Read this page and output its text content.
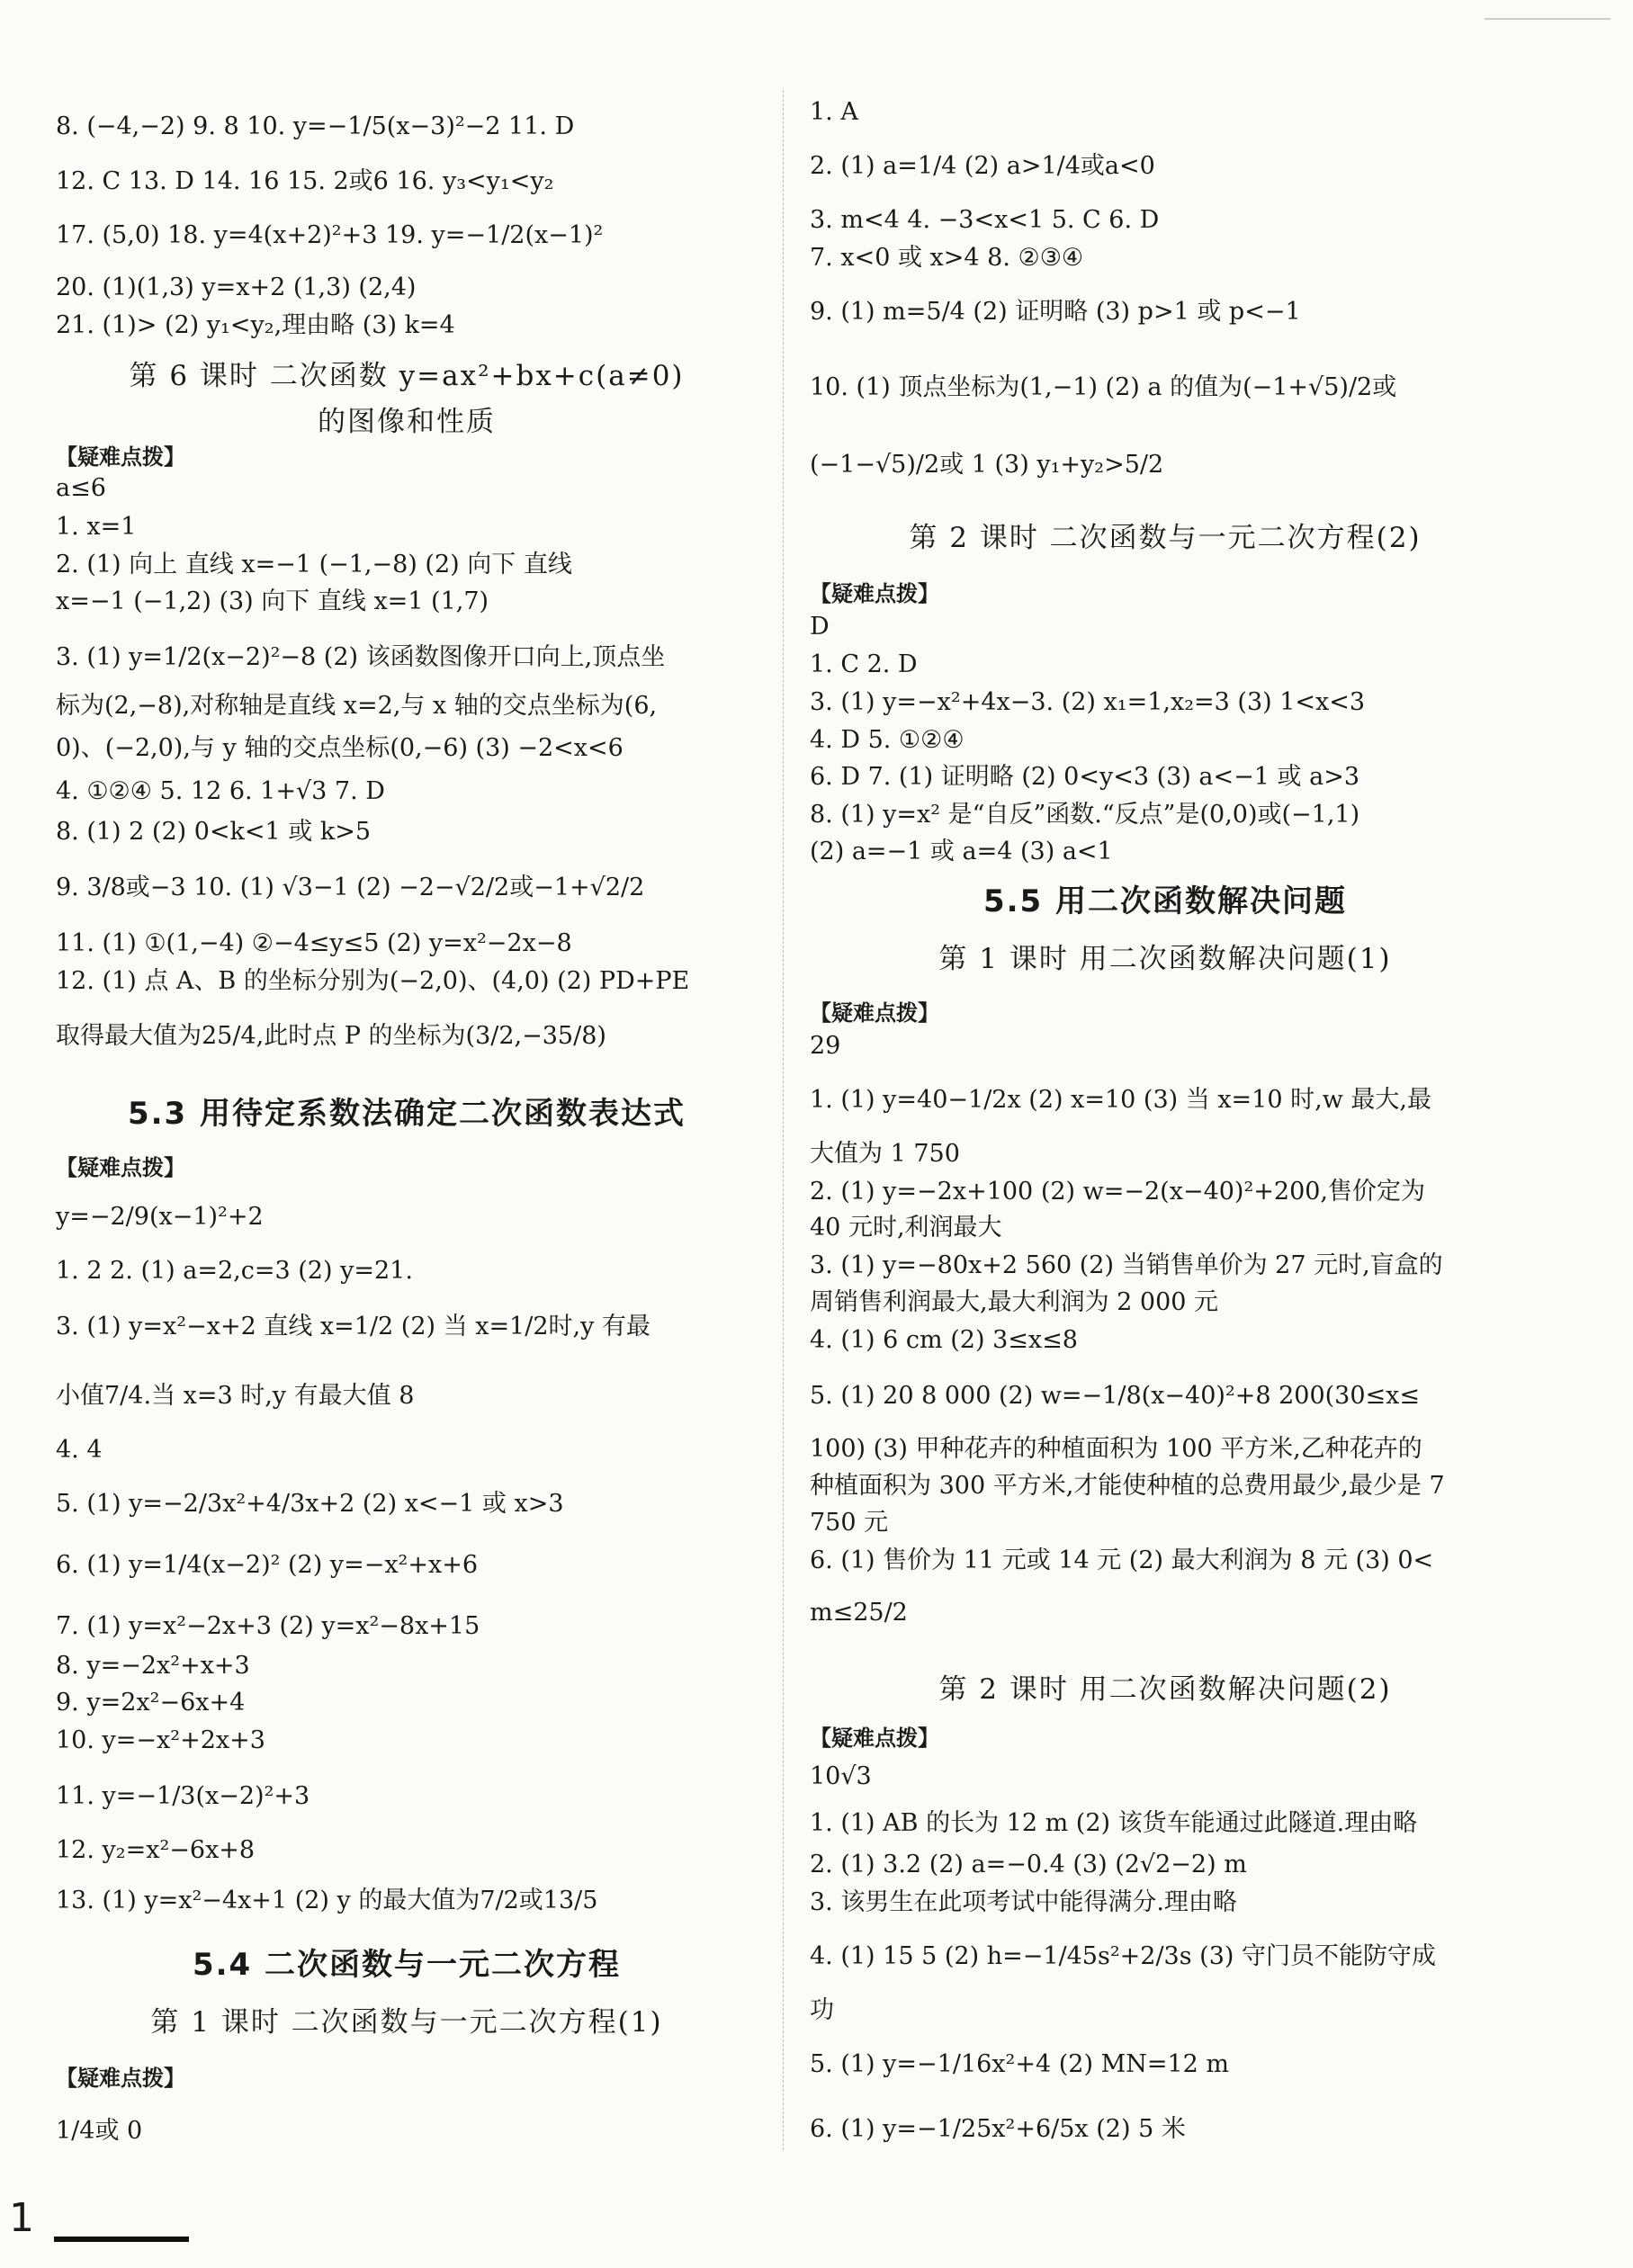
8. (−4,−2) 9. 8 10. y=−1/5(x−3)²−2 11. D
12. C 13. D 14. 16 15. 2或6 16. y₃<y₁<y₂
17. (5,0) 18. y=4(x+2)²+3 19. y=−1/2(x−1)²
20. (1)(1,3) y=x+2 (1,3) (2,4)
21. (1)> (2) y₁<y₂,理由略 (3) k=4
第 6 课时 二次函数 y=ax²+bx+c(a≠0)
的图像和性质
【疑难点拨】
a≤6
1. x=1
2. (1) 向上 直线 x=−1 (−1,−8) (2) 向下 直线
x=−1 (−1,2) (3) 向下 直线 x=1 (1,7)
3. (1) y=1/2(x−2)²−8 (2) 该函数图像开口向上,顶点坐
标为(2,−8),对称轴是直线 x=2,与 x 轴的交点坐标为(6,
0)、(−2,0),与 y 轴的交点坐标(0,−6) (3) −2<x<6
4. ①②④ 5. 12 6. 1+√3 7. D
8. (1) 2 (2) 0<k<1 或 k>5
9. 3/8或−3 10. (1) √3−1 (2) −2−√2/2或−1+√2/2
11. (1) ①(1,−4) ②−4≤y≤5 (2) y=x²−2x−8
12. (1) 点 A、B 的坐标分别为(−2,0)、(4,0) (2) PD+PE
取得最大值为25/4,此时点 P 的坐标为(3/2,−35/8)
5.3 用待定系数法确定二次函数表达式
【疑难点拨】
y=−2/9(x−1)²+2
1. 2 2. (1) a=2,c=3 (2) y=21.
3. (1) y=x²−x+2 直线 x=1/2 (2) 当 x=1/2时,y 有最
小值7/4.当 x=3 时,y 有最大值 8
4. 4
5. (1) y=−2/3x²+4/3x+2 (2) x<−1 或 x>3
6. (1) y=1/4(x−2)² (2) y=−x²+x+6
7. (1) y=x²−2x+3 (2) y=x²−8x+15
8. y=−2x²+x+3
9. y=2x²−6x+4
10. y=−x²+2x+3
11. y=−1/3(x−2)²+3
12. y₂=x²−6x+8
13. (1) y=x²−4x+1 (2) y 的最大值为7/2或13/5
5.4 二次函数与一元二次方程
第 1 课时 二次函数与一元二次方程(1)
【疑难点拨】
1/4或 0
1. A
2. (1) a=1/4 (2) a>1/4或a<0
3. m<4 4. −3<x<1 5. C 6. D
7. x<0 或 x>4 8. ②③④
9. (1) m=5/4 (2) 证明略 (3) p>1 或 p<−1
10. (1) 顶点坐标为(1,−1) (2) a 的值为(−1+√5)/2或
(−1−√5)/2或 1 (3) y₁+y₂>5/2
第 2 课时 二次函数与一元二次方程(2)
【疑难点拨】
D
1. C 2. D
3. (1) y=−x²+4x−3. (2) x₁=1,x₂=3 (3) 1<x<3
4. D 5. ①②④
6. D 7. (1) 证明略 (2) 0<y<3 (3) a<−1 或 a>3
8. (1) y=x² 是“自反”函数.“反点”是(0,0)或(−1,1)
(2) a=−1 或 a=4 (3) a<1
5.5 用二次函数解决问题
第 1 课时 用二次函数解决问题(1)
【疑难点拨】
29
1. (1) y=40−1/2x (2) x=10 (3) 当 x=10 时,w 最大,最
大值为 1 750
2. (1) y=−2x+100 (2) w=−2(x−40)²+200,售价定为
40 元时,利润最大
3. (1) y=−80x+2 560 (2) 当销售单价为 27 元时,盲盒的
周销售利润最大,最大利润为 2 000 元
4. (1) 6 cm (2) 3≤x≤8
5. (1) 20 8 000 (2) w=−1/8(x−40)²+8 200(30≤x≤
100) (3) 甲种花卉的种植面积为 100 平方米,乙种花卉的
种植面积为 300 平方米,才能使种植的总费用最少,最少是 7
750 元
6. (1) 售价为 11 元或 14 元 (2) 最大利润为 8 元 (3) 0<
m≤25/2
第 2 课时 用二次函数解决问题(2)
【疑难点拨】
10√3
1. (1) AB 的长为 12 m (2) 该货车能通过此隧道.理由略
2. (1) 3.2 (2) a=−0.4 (3) (2√2−2) m
3. 该男生在此项考试中能得满分.理由略
4. (1) 15 5 (2) h=−1/45s²+2/3s (3) 守门员不能防守成
功
5. (1) y=−1/16x²+4 (2) MN=12 m
6. (1) y=−1/25x²+6/5x (2) 5 米
1
